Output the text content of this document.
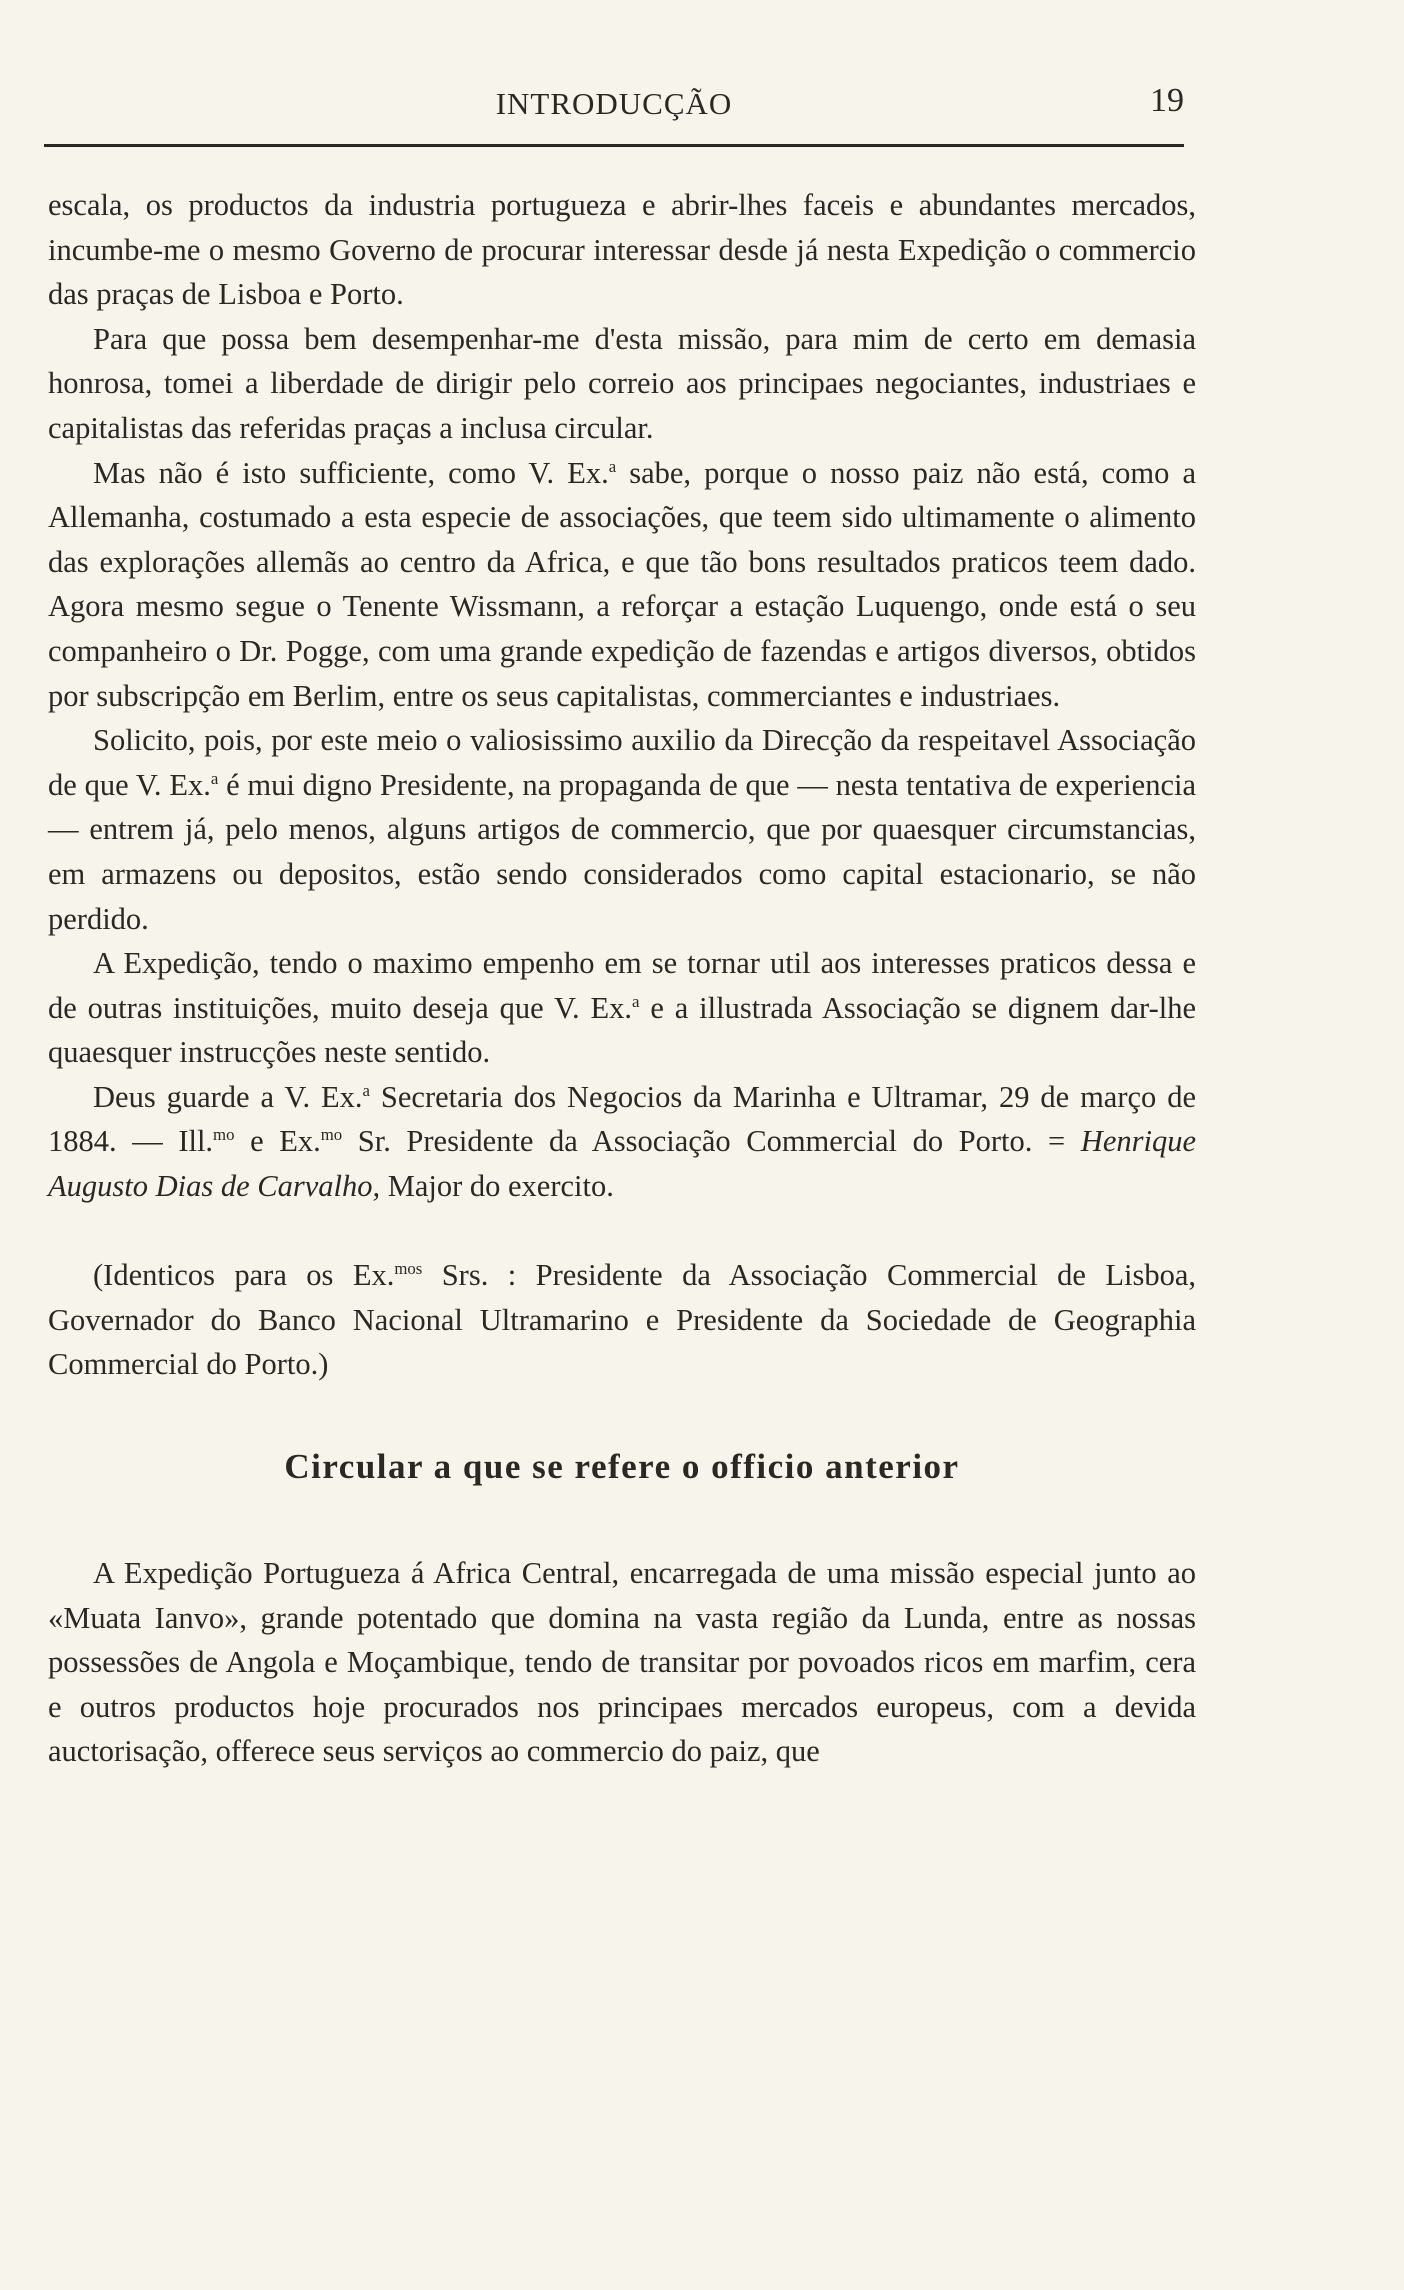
INTRODUCÇÃO	19

escala, os productos da industria portugueza e abrir-lhes faceis e abundantes mercados, incumbe-me o mesmo Governo de procurar interessar desde já nesta Expedição o commercio das praças de Lisboa e Porto.

Para que possa bem desempenhar-me d'esta missão, para mim de certo em demasia honrosa, tomei a liberdade de dirigir pelo correio aos principaes negociantes, industriaes e capitalistas das referidas praças a inclusa circular.

Mas não é isto sufficiente, como V. Ex.$^a$ sabe, porque o nosso paiz não está, como a Allemanha, costumado a esta especie de associações, que teem sido ultimamente o alimento das explorações allemãs ao centro da Africa, e que tão bons resultados praticos teem dado. Agora mesmo segue o Tenente Wissmann, a reforçar a estação Luquengo, onde está o seu companheiro o Dr. Pogge, com uma grande expedição de fazendas e artigos diversos, obtidos por subscripção em Berlim, entre os seus capitalistas, commerciantes e industriaes.

Solicito, pois, por este meio o valiosissimo auxilio da Direcção da respeitavel Associação de que V. Ex.$^a$ é mui digno Presidente, na propaganda de que — nesta tentativa de experiencia — entrem já, pelo menos, alguns artigos de commercio, que por quaesquer circumstancias, em armazens ou depositos, estão sendo considerados como capital estacionario, se não perdido.

A Expedição, tendo o maximo empenho em se tornar util aos interesses praticos dessa e de outras instituições, muito deseja que V. Ex.$^a$ e a illustrada Associação se dignem dar-lhe quaesquer instrucções neste sentido.

Deus guarde a V. Ex.$^a$ Secretaria dos Negocios da Marinha e Ultramar, 29 de março de 1884. — Ill.$^{mo}$ e Ex.$^{mo}$ Sr. Presidente da Associação Commercial do Porto. = Henrique Augusto Dias de Carvalho, Major do exercito.

(Identicos para os Ex.$^{mos}$ Srs. : Presidente da Associação Commercial de Lisboa, Governador do Banco Nacional Ultramarino e Presidente da Sociedade de Geographia Commercial do Porto.)

Circular a que se refere o officio anterior

A Expedição Portugueza á Africa Central, encarregada de uma missão especial junto ao «Muata Ianvo», grande potentado que domina na vasta região da Lunda, entre as nossas possessões de Angola e Moçambique, tendo de transitar por povoados ricos em marfim, cera e outros productos hoje procurados nos principaes mercados europeus, com a devida auctorisação, offerece seus serviços ao commercio do paiz, que
